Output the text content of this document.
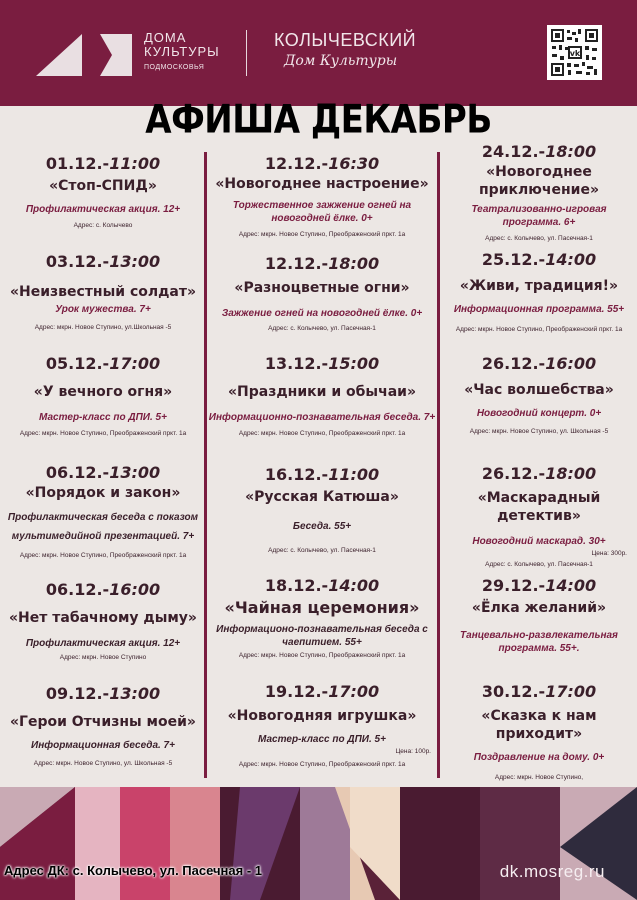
ДОМА
КУЛЬТУРЫ
ПОДМОСКОВЬЯ
КОЛЫЧЕВСКИЙ
Дом Культуры	vk
АФИША ДЕКАБРЬ
01.12.-11:00
«Стоп-СПИД»
Профилактическая акция. 12+
Адрес: с. Колычево
03.12.-13:00
«Неизвестный солдат»
Урок мужества. 7+
Адрес: мкрн. Новое Ступино, ул.Школьная -5
05.12.-17:00
«У вечного огня»
Мастер-класс по ДПИ. 5+
Адрес: мкрн. Новое Ступино, Преображенский пркт. 1а
06.12.-13:00
«Порядок и закон»
Профилактическая беседа с показом мультимедийной презентацией. 7+
Адрес: мкрн. Новое Ступино, Преображенский пркт. 1а
06.12.-16:00
«Нет табачному дыму»
Профилактическая акция. 12+
Адрес: мкрн. Новое Ступино
09.12.-13:00
«Герои Отчизны моей»
Информационная беседа. 7+
Адрес: мкрн. Новое Ступино, ул. Школьная -5
12.12.-16:30
«Новогоднее настроение»
Торжественное зажжение огней на новогодней ёлке. 0+
Адрес: мкрн. Новое Ступино, Преображенский пркт. 1а
12.12.-18:00
«Разноцветные огни»
Зажжение огней на новогодней ёлке. 0+
Адрес: с. Колычево, ул. Пасечная-1
13.12.-15:00
«Праздники и обычаи»
Информационно-познавательная беседа. 7+
Адрес: мкрн. Новое Ступино, Преображенский пркт. 1а
16.12.-11:00
«Русская Катюша»
Беседа. 55+
Адрес: с. Колычево, ул. Пасечная-1
18.12.-14:00
«Чайная церемония»
Информационо-познавательная беседа с чаепитием. 55+
Адрес: мкрн. Новое Ступино, Преображенский пркт. 1а
19.12.-17:00
«Новогодняя игрушка»
Мастер-класс по ДПИ. 5+
Цена: 100р.
Адрес: мкрн. Новое Ступино, Преображенский пркт. 1а
24.12.-18:00
«Новогоднее приключение»
Театрализованно-игровая программа. 6+
Адрес: с. Колычево, ул. Пасечная-1
25.12.-14:00
«Живи, традиция!»
Информационная программа. 55+
Адрес: мкрн. Новое Ступино, Преображенский пркт. 1а
26.12.-16:00
«Час волшебства»
Новогодний концерт. 0+
Адрес: мкрн. Новое Ступино, ул. Школьная -5
26.12.-18:00
«Маскарадный детектив»
Новогодний маскарад. 30+
Цена: 300р.
Адрес: с. Колычево, ул. Пасечная-1
29.12.-14:00
«Ёлка желаний»
Танцевально-развлекательная программа. 55+.
30.12.-17:00
«Сказка к нам приходит»
Поздравление на дому. 0+
Адрес: мкрн. Новое Ступино,
Адрес ДК: с. Колычево, ул. Пасечная - 1	dk.mosreg.ru
